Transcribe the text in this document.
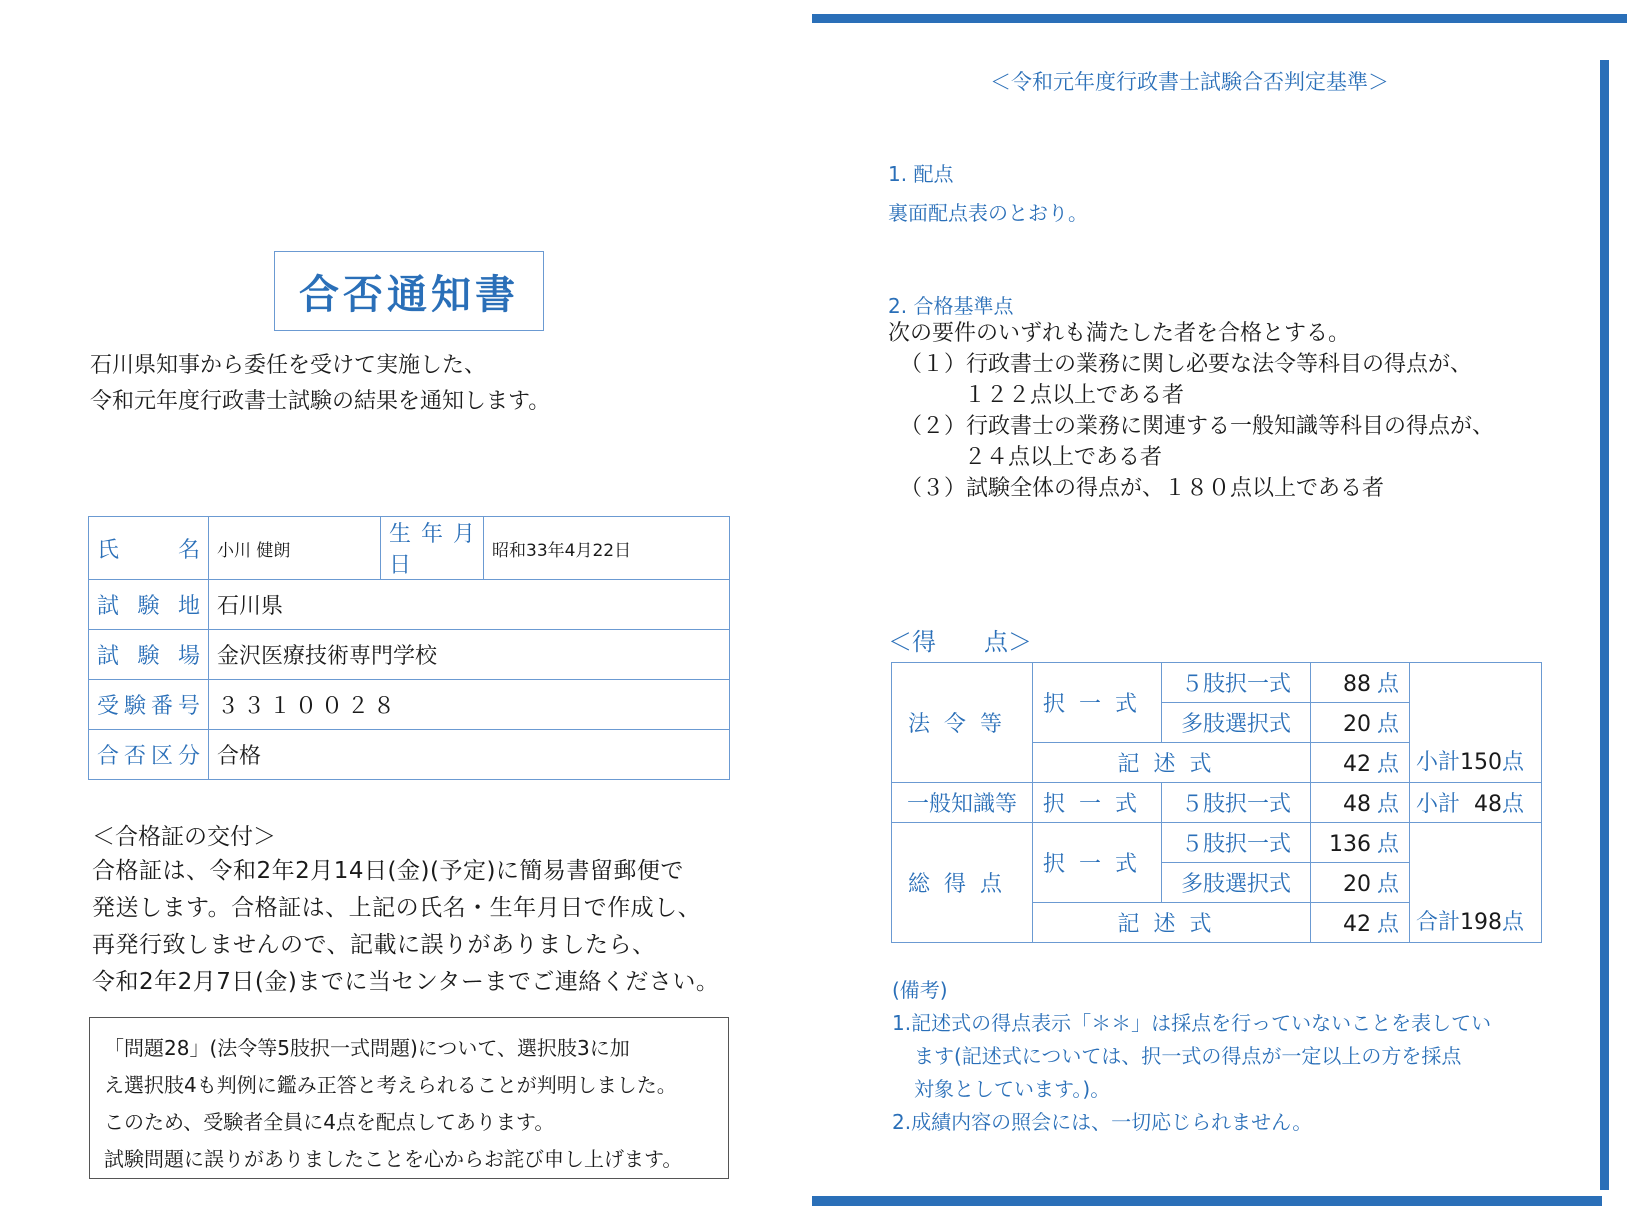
合否通知書
石川県知事から委任を受けて実施した、
令和元年度行政書士試験の結果を通知します。
氏　名	小川 健朗	生年月日	昭和33年4月22日
試験地	石川県		
試験場	金沢医療技術専門学校		
受験番号	３３１００２８		
合否区分	合格		
＜合格証の交付＞
合格証は、令和2年2月14日(金)(予定)に簡易書留郵便で
発送します。合格証は、上記の氏名・生年月日で作成し、
再発行致しませんので、記載に誤りがありましたら、
令和2年2月7日(金)までに当センターまでご連絡ください。
「問題28」(法令等5肢択一式問題)について、選択肢3に加
え選択肢4も判例に鑑み正答と考えられることが判明しました。
このため、受験者全員に4点を配点してあります。
試験問題に誤りがありましたことを心からお詫び申し上げます。
＜令和元年度行政書士試験合否判定基準＞
1. 配点
裏面配点表のとおり。
2. 合格基準点
次の要件のいずれも満たした者を合格とする。
（１）行政書士の業務に関し必要な法令等科目の得点が、
１２２点以上である者
（２）行政書士の業務に関連する一般知識等科目の得点が、
２４点以上である者
（３）試験全体の得点が、１８０点以上である者
＜得　　点＞
法令等	択一式	５肢択一式	88 点	小計150点
		多肢選択式	20 点	
	記述式		42 点	
一般知識等	択一式	５肢択一式	48 点	小計 48点
総得点	択一式	５肢択一式	136 点	合計198点
		多肢選択式	20 点	
	記述式		42 点	
(備考)
1.記述式の得点表示「＊＊」は採点を行っていないことを表してい
ます(記述式については、択一式の得点が一定以上の方を採点
対象としています。)。
2.成績内容の照会には、一切応じられません。
